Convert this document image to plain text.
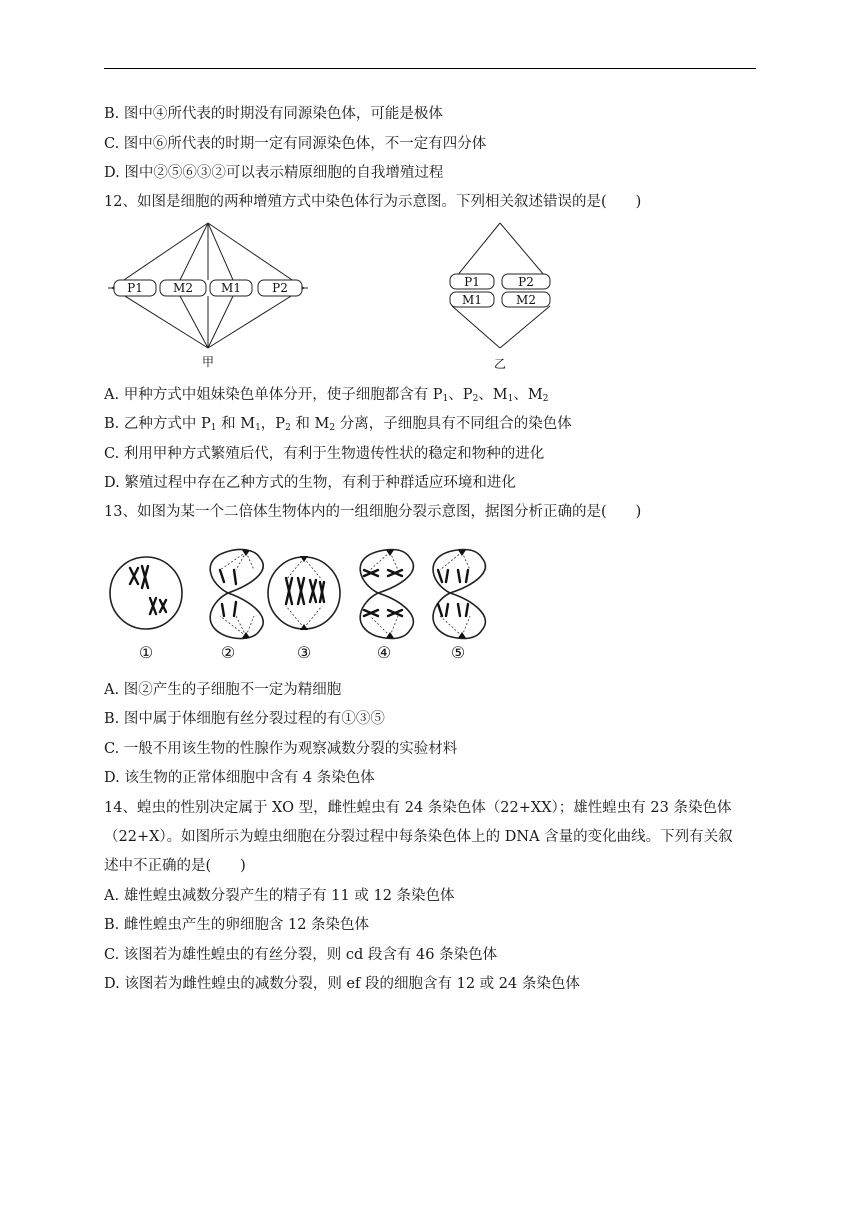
B. 图中④所代表的时期没有同源染色体，可能是极体
C. 图中⑥所代表的时期一定有同源染色体，不一定有四分体
D. 图中②⑤⑥③②可以表示精原细胞的自我增殖过程
12、如图是细胞的两种增殖方式中染色体行为示意图。下列相关叙述错误的是(　　)
P1	M2 M1	P2
甲
P1	P2
M1	M2
乙
A. 甲种方式中姐妹染色单体分开，使子细胞都含有 $P_1$、$P_2$、$M_1$、$M_2$
B. 乙种方式中 $P_1$ 和 $M_1$，$P_2$ 和 $M_2$ 分离，子细胞具有不同组合的染色体
C. 利用甲种方式繁殖后代，有利于生物遗传性状的稳定和物种的进化
D. 繁殖过程中存在乙种方式的生物，有利于种群适应环境和进化
13、如图为某一个二倍体生物体内的一组细胞分裂示意图，据图分析正确的是(　　)
①	②	③	④	⑤
A. 图②产生的子细胞不一定为精细胞
B. 图中属于体细胞有丝分裂过程的有①③⑤
C. 一般不用该生物的性腺作为观察减数分裂的实验材料
D. 该生物的正常体细胞中含有 4 条染色体
14、蝗虫的性别决定属于 XO 型，雌性蝗虫有 24 条染色体（22+XX）；雄性蝗虫有 23 条染色体
（22+X）。如图所示为蝗虫细胞在分裂过程中每条染色体上的 DNA 含量的变化曲线。下列有关叙
述中不正确的是(　　)
A. 雄性蝗虫减数分裂产生的精子有 11 或 12 条染色体
B. 雌性蝗虫产生的卵细胞含 12 条染色体
C. 该图若为雄性蝗虫的有丝分裂，则 cd 段含有 46 条染色体
D. 该图若为雌性蝗虫的减数分裂，则 ef 段的细胞含有 12 或 24 条染色体
